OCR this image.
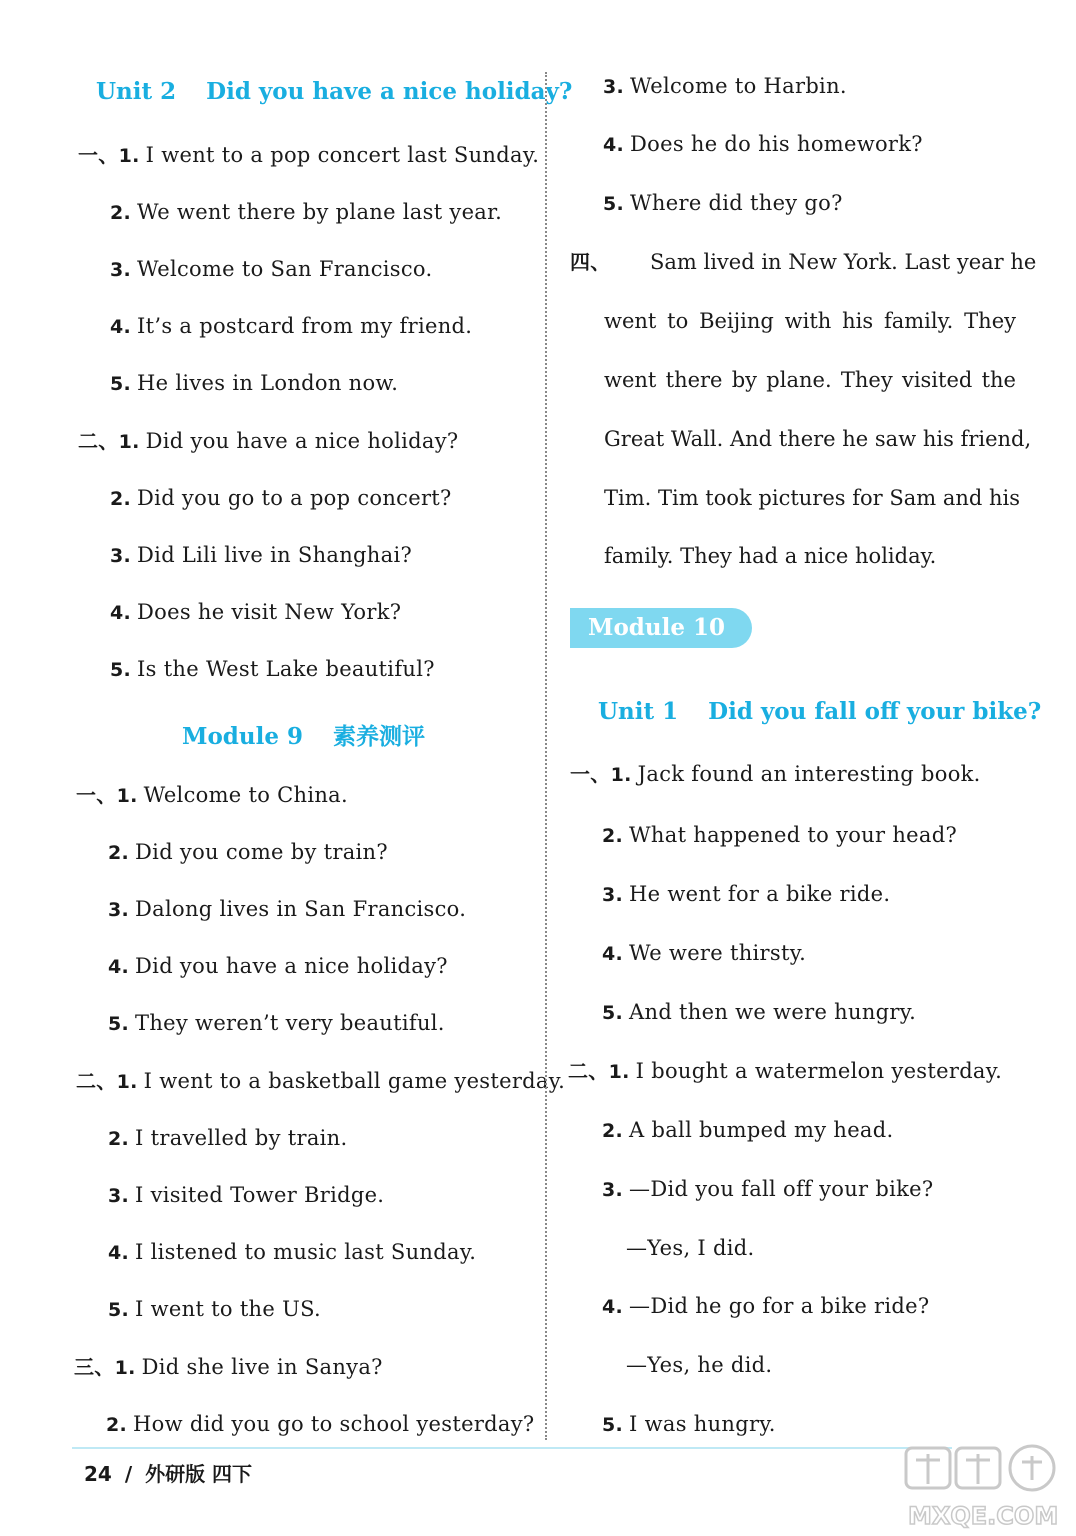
Unit 2 Did you have a nice holiday?
一、1. I went to a pop concert last Sunday.
2. We went there by plane last year.
3. Welcome to San Francisco.
4. It’s a postcard from my friend.
5. He lives in London now.
二、1. Did you have a nice holiday?
2. Did you go to a pop concert?
3. Did Lili live in Shanghai?
4. Does he visit New York?
5. Is the West Lake beautiful?
Module 9 素养测评
一、1. Welcome to China.
2. Did you come by train?
3. Dalong lives in San Francisco.
4. Did you have a nice holiday?
5. They weren’t very beautiful.
二、1. I went to a basketball game yesterday.
2. I travelled by train.
3. I visited Tower Bridge.
4. I listened to music last Sunday.
5. I went to the US.
三、1. Did she live in Sanya?
2. How did you go to school yesterday?
3. Welcome to Harbin.
4. Does he do his homework?
5. Where did they go?
四、 Sam lived in New York. Last year he
went to Beijing with his family. They
went there by plane. They visited the
Great Wall. And there he saw his friend,
Tim. Tim took pictures for Sam and his
family. They had a nice holiday.
Module 10
Unit 1 Did you fall off your bike?
一、1. Jack found an interesting book.
2. What happened to your head?
3. He went for a bike ride.
4. We were thirsty.
5. And then we were hungry.
二、1. I bought a watermelon yesterday.
2. A ball bumped my head.
3. —Did you fall off your bike?
—Yes, I did.
4. —Did he go for a bike ride?
—Yes, he did.
5. I was hungry.
24 / 外研版 四下
MXQE.COM
